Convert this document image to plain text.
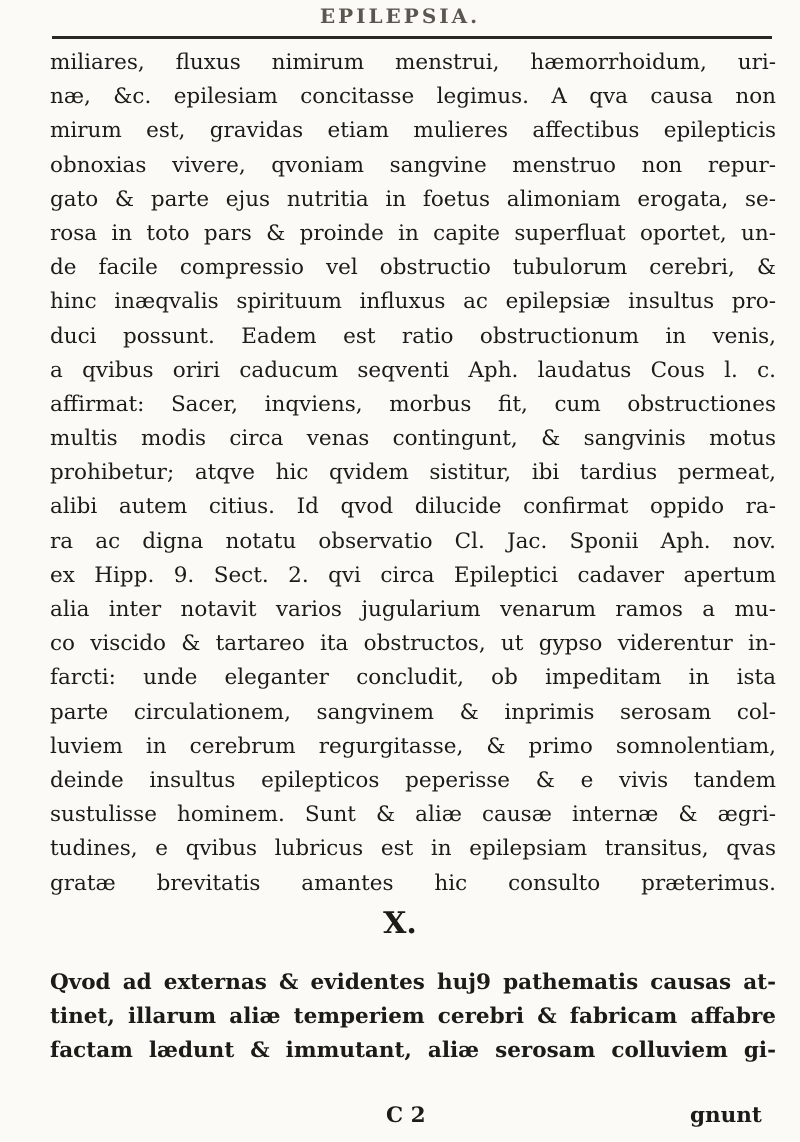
EPILEPSIA.
miliares, fluxus nimirum menstrui, hæmorrhoidum, uri-
næ, &c. epilesiam concitasse legimus. A qva causa non
mirum est, gravidas etiam mulieres affectibus epilepticis
obnoxias vivere, qvoniam sangvine menstruo non repur-
gato & parte ejus nutritia in foetus alimoniam erogata, se-
rosa in toto pars & proinde in capite superfluat oportet, un-
de facile compressio vel obstructio tubulorum cerebri, &
hinc inæqvalis spirituum influxus ac epilepsiæ insultus pro-
duci possunt. Eadem est ratio obstructionum in venis,
a qvibus oriri caducum seqventi Aph. laudatus Cous l. c.
affirmat: Sacer, inqviens, morbus fit, cum obstructiones
multis modis circa venas contingunt, & sangvinis motus
prohibetur; atqve hic qvidem sistitur, ibi tardius permeat,
alibi autem citius. Id qvod dilucide confirmat oppido ra-
ra ac digna notatu observatio Cl. Jac. Sponii Aph. nov.
ex Hipp. 9. Sect. 2. qvi circa Epileptici cadaver apertum
alia inter notavit varios jugularium venarum ramos a mu-
co viscido & tartareo ita obstructos, ut gypso viderentur in-
farcti: unde eleganter concludit, ob impeditam in ista
parte circulationem, sangvinem & inprimis serosam col-
luviem in cerebrum regurgitasse, & primo somnolentiam,
deinde insultus epilepticos peperisse & e vivis tandem
sustulisse hominem. Sunt & aliæ causæ internæ & ægri-
tudines, e qvibus lubricus est in epilepsiam transitus, qvas
gratæ brevitatis amantes hic consulto præterimus.
X.
Qvod ad externas & evidentes huj9 pathematis causas at-
tinet, illarum aliæ temperiem cerebri & fabricam affabre
factam lædunt & immutant, aliæ serosam colluviem gi-
C 2	gnunt
